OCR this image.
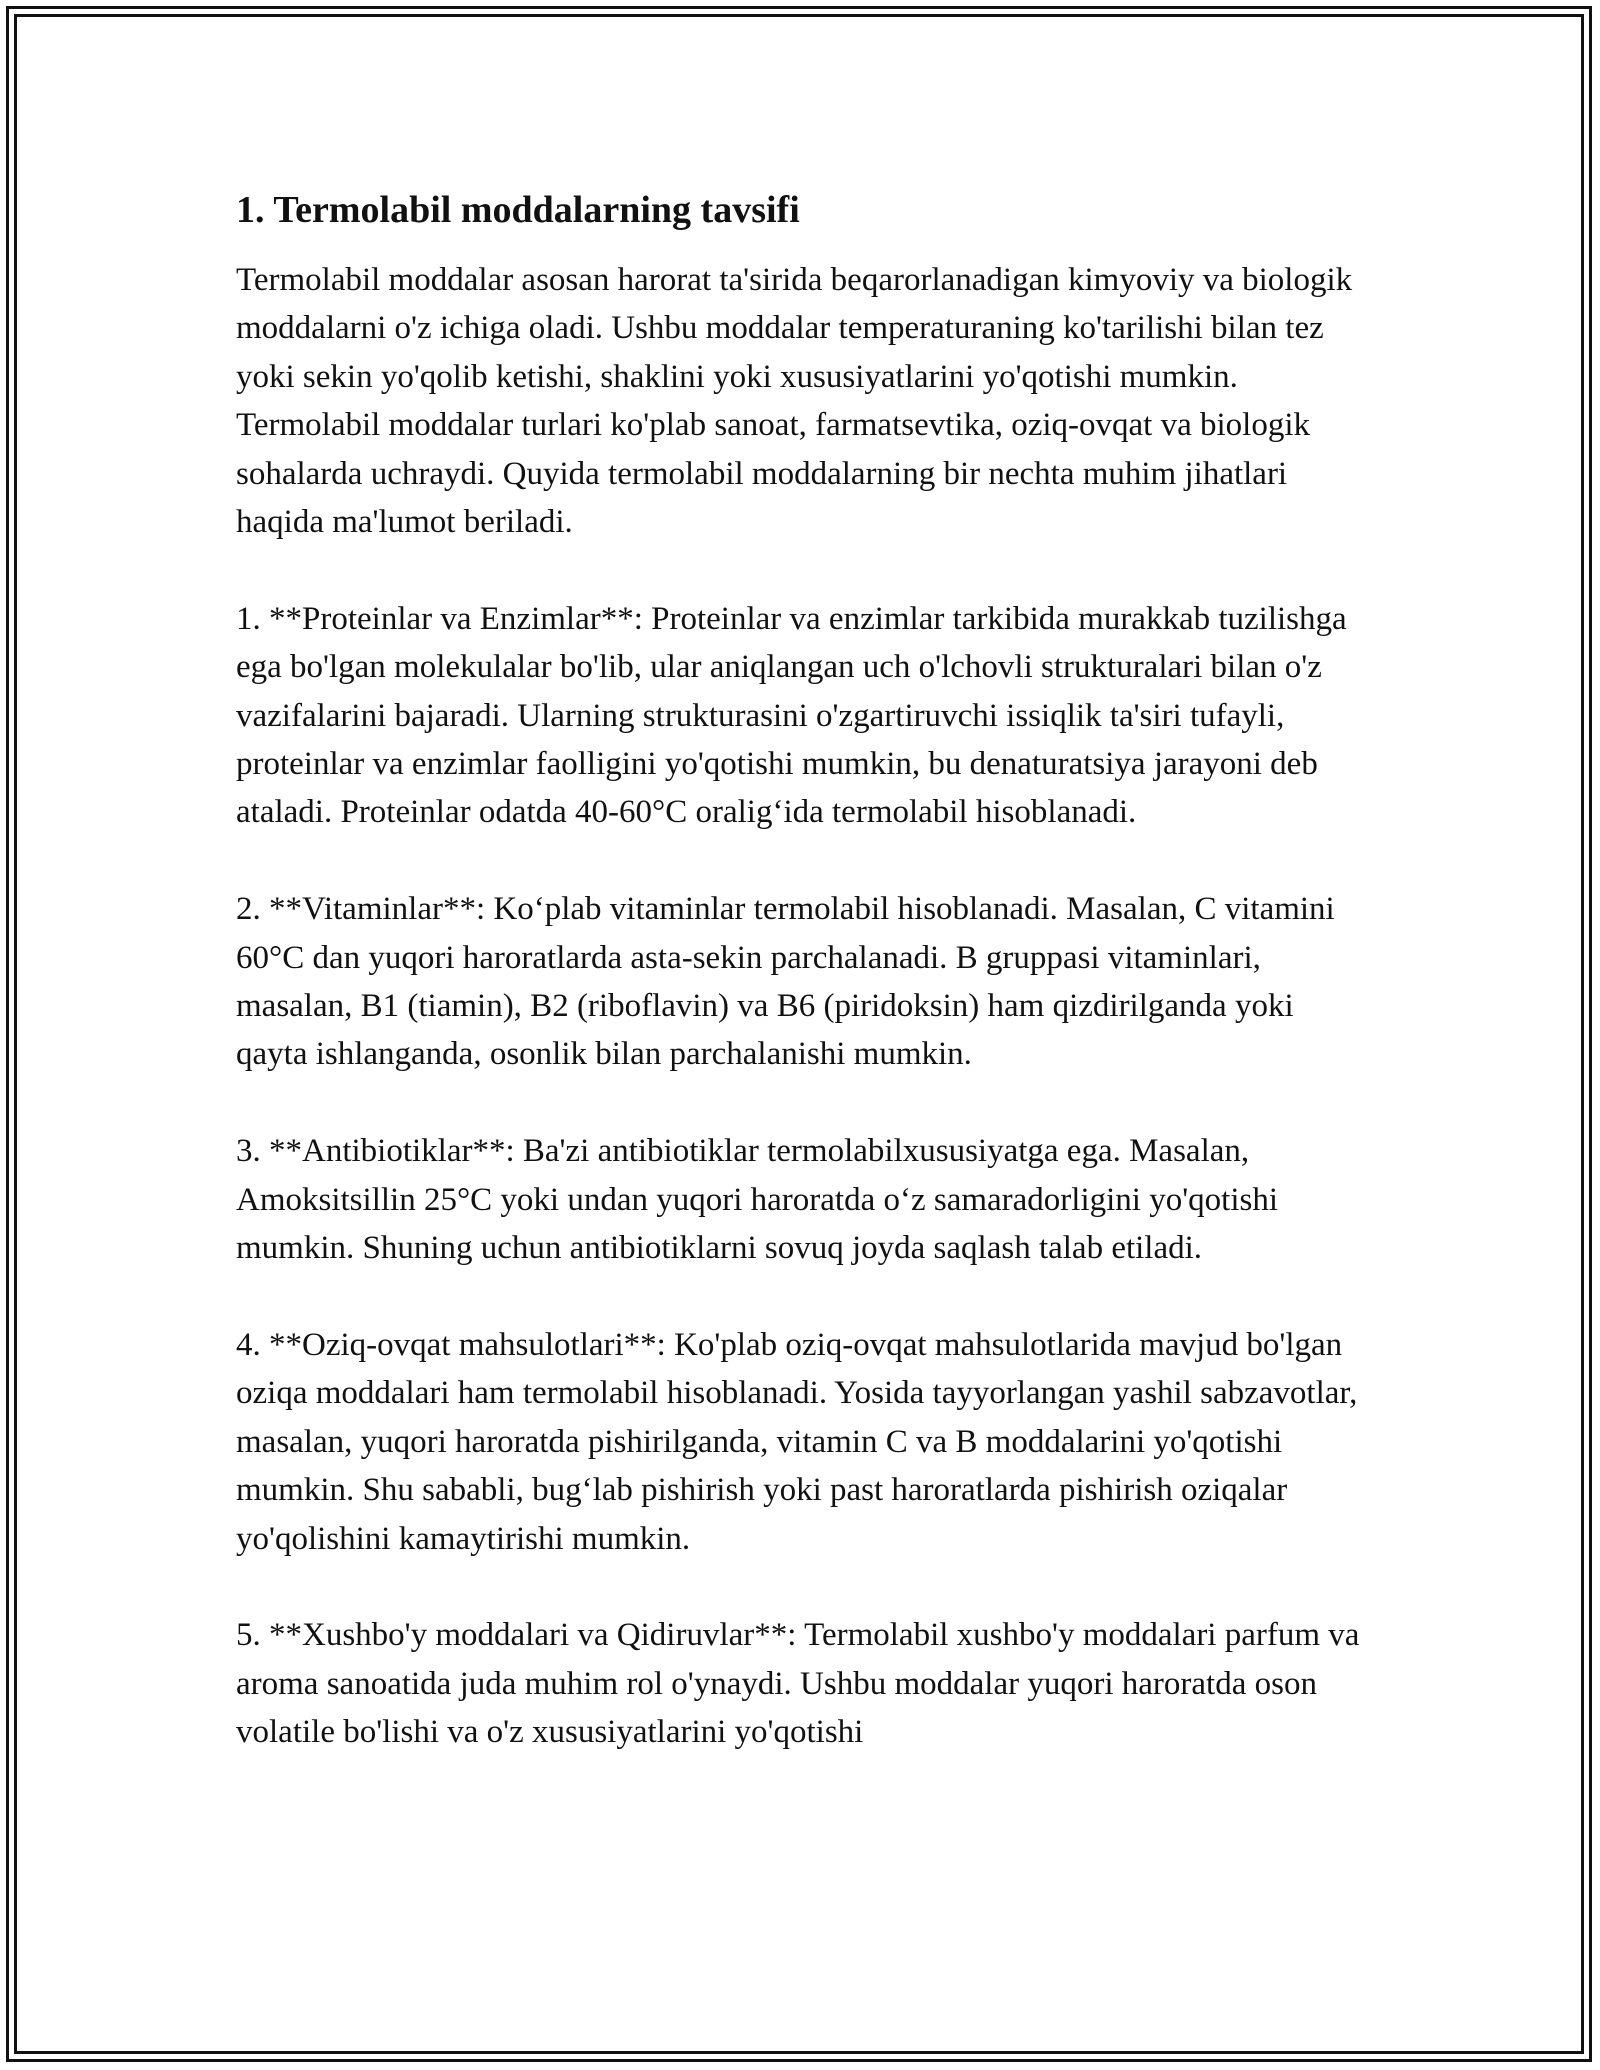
1. Termolabil moddalarning tavsifi

Termolabil moddalar asosan harorat ta'sirida beqarorlanadigan kimyoviy va biologik moddalarni o'z ichiga oladi. Ushbu moddalar temperaturaning ko'tarilishi bilan tez yoki sekin yo'qolib ketishi, shaklini yoki xususiyatlarini yo'qotishi mumkin. Termolabil moddalar turlari ko'plab sanoat, farmatsevtika, oziq-ovqat va biologik sohalarda uchraydi. Quyida termolabil moddalarning bir nechta muhim jihatlari haqida ma'lumot beriladi.

1. **Proteinlar va Enzimlar**: Proteinlar va enzimlar tarkibida murakkab tuzilishga ega bo'lgan molekulalar bo'lib, ular aniqlangan uch o'lchovli strukturalari bilan o'z vazifalarini bajaradi. Ularning strukturasini o'zgartiruvchi issiqlik ta'siri tufayli, proteinlar va enzimlar faolligini yo'qotishi mumkin, bu denaturatsiya jarayoni deb ataladi. Proteinlar odatda 40-60°C oralig‘ida termolabil hisoblanadi.

2. **Vitaminlar**: Ko‘plab vitaminlar termolabil hisoblanadi. Masalan, C vitamini 60°C dan yuqori haroratlarda asta-sekin parchalanadi. B gruppasi vitaminlari, masalan, B1 (tiamin), B2 (riboflavin) va B6 (piridoksin) ham qizdirilganda yoki qayta ishlanganda, osonlik bilan parchalanishi mumkin.

3. **Antibiotiklar**: Ba'zi antibiotiklar termolabilxususiyatga ega. Masalan, Amoksitsillin 25°C yoki undan yuqori haroratda o‘z samaradorligini yo'qotishi mumkin. Shuning uchun antibiotiklarni sovuq joyda saqlash talab etiladi.

4. **Oziq-ovqat mahsulotlari**: Ko'plab oziq-ovqat mahsulotlarida mavjud bo'lgan oziqa moddalari ham termolabil hisoblanadi. Yosida tayyorlangan yashil sabzavotlar, masalan, yuqori haroratda pishirilganda, vitamin C va B moddalarini yo'qotishi mumkin. Shu sababli, bug‘lab pishirish yoki past haroratlarda pishirish oziqalar yo'qolishini kamaytirishi mumkin.

5. **Xushbo'y moddalari va Qidiruvlar**: Termolabil xushbo'y moddalari parfum va aroma sanoatida juda muhim rol o'ynaydi. Ushbu moddalar yuqori haroratda oson volatile bo'lishi va o'z xususiyatlarini yo'qotishi
